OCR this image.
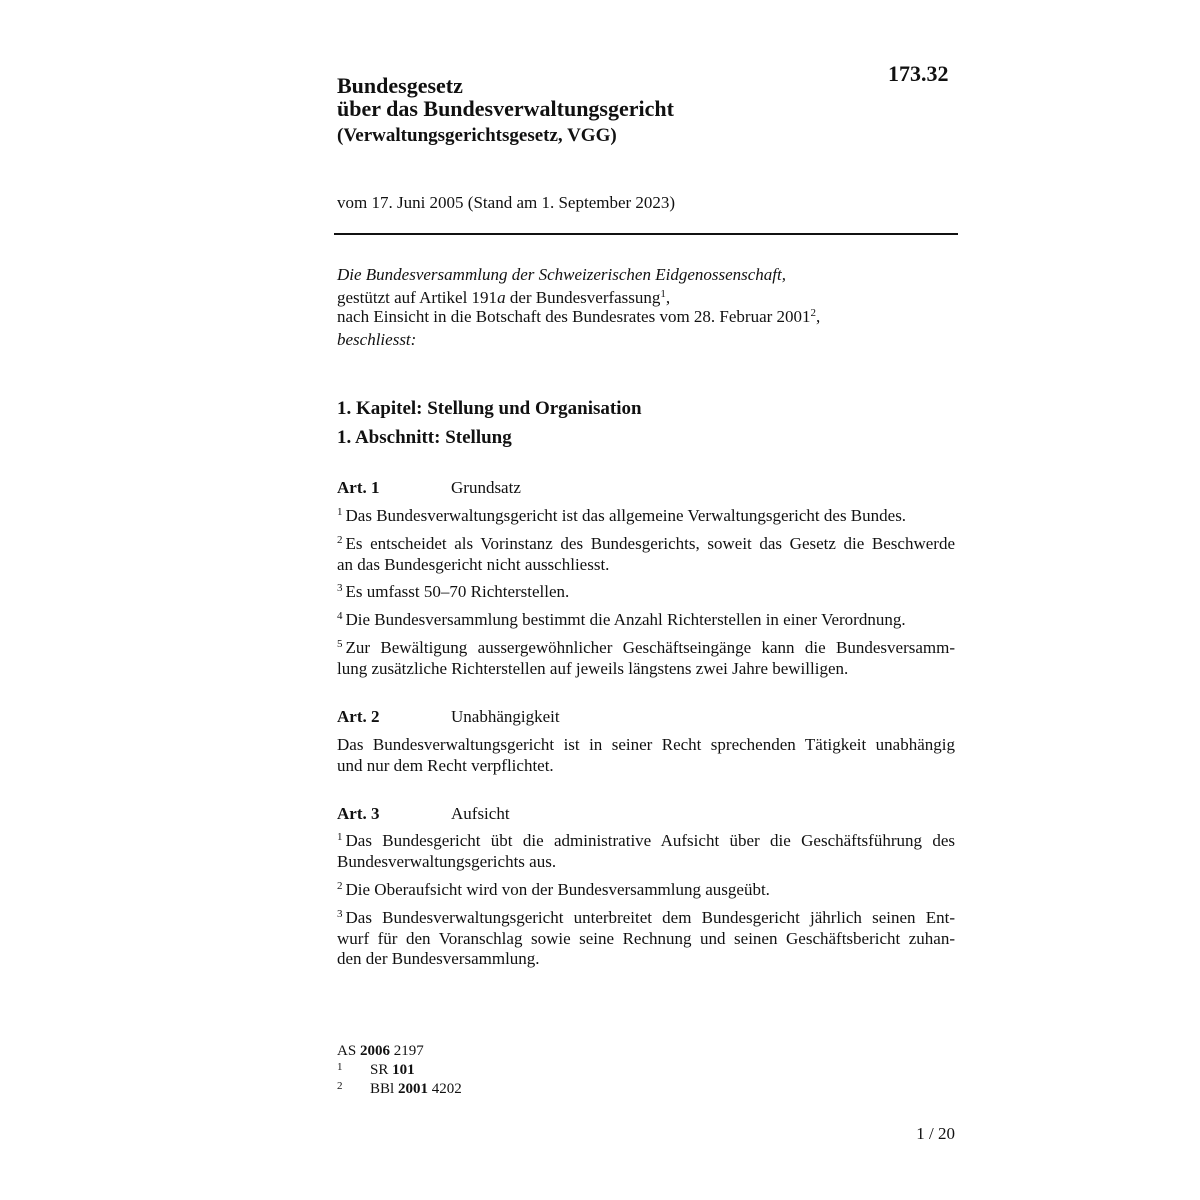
173.32
Bundesgesetz
über das Bundesverwaltungsgericht
(Verwaltungsgerichtsgesetz, VGG)
vom 17. Juni 2005 (Stand am 1. September 2023)
Die Bundesversammlung der Schweizerischen Eidgenossenschaft,
gestützt auf Artikel 191a der Bundesverfassung$^1$,
nach Einsicht in die Botschaft des Bundesrates vom 28. Februar 2001$^2$,
beschliesst:
1. Kapitel: Stellung und Organisation
1. Abschnitt: Stellung
Art. 1	Grundsatz
$^1$ Das Bundesverwaltungsgericht ist das allgemeine Verwaltungsgericht des Bundes.
$^2$ Es entscheidet als Vorinstanz des Bundesgerichts, soweit das Gesetz die Beschwerde
an das Bundesgericht nicht ausschliesst.
$^3$ Es umfasst 50–70 Richterstellen.
$^4$ Die Bundesversammlung bestimmt die Anzahl Richterstellen in einer Verordnung.
$^5$ Zur Bewältigung aussergewöhnlicher Geschäftseingänge kann die Bundesversamm-
lung zusätzliche Richterstellen auf jeweils längstens zwei Jahre bewilligen.
Art. 2	Unabhängigkeit
Das Bundesverwaltungsgericht ist in seiner Recht sprechenden Tätigkeit unabhängig
und nur dem Recht verpflichtet.
Art. 3	Aufsicht
$^1$ Das Bundesgericht übt die administrative Aufsicht über die Geschäftsführung des
Bundesverwaltungsgerichts aus.
$^2$ Die Oberaufsicht wird von der Bundesversammlung ausgeübt.
$^3$ Das Bundesverwaltungsgericht unterbreitet dem Bundesgericht jährlich seinen Ent-
wurf für den Voranschlag sowie seine Rechnung und seinen Geschäftsbericht zuhan-
den der Bundesversammlung.
AS 2006 2197
1 SR 101
2 BBl 2001 4202
1 / 20
